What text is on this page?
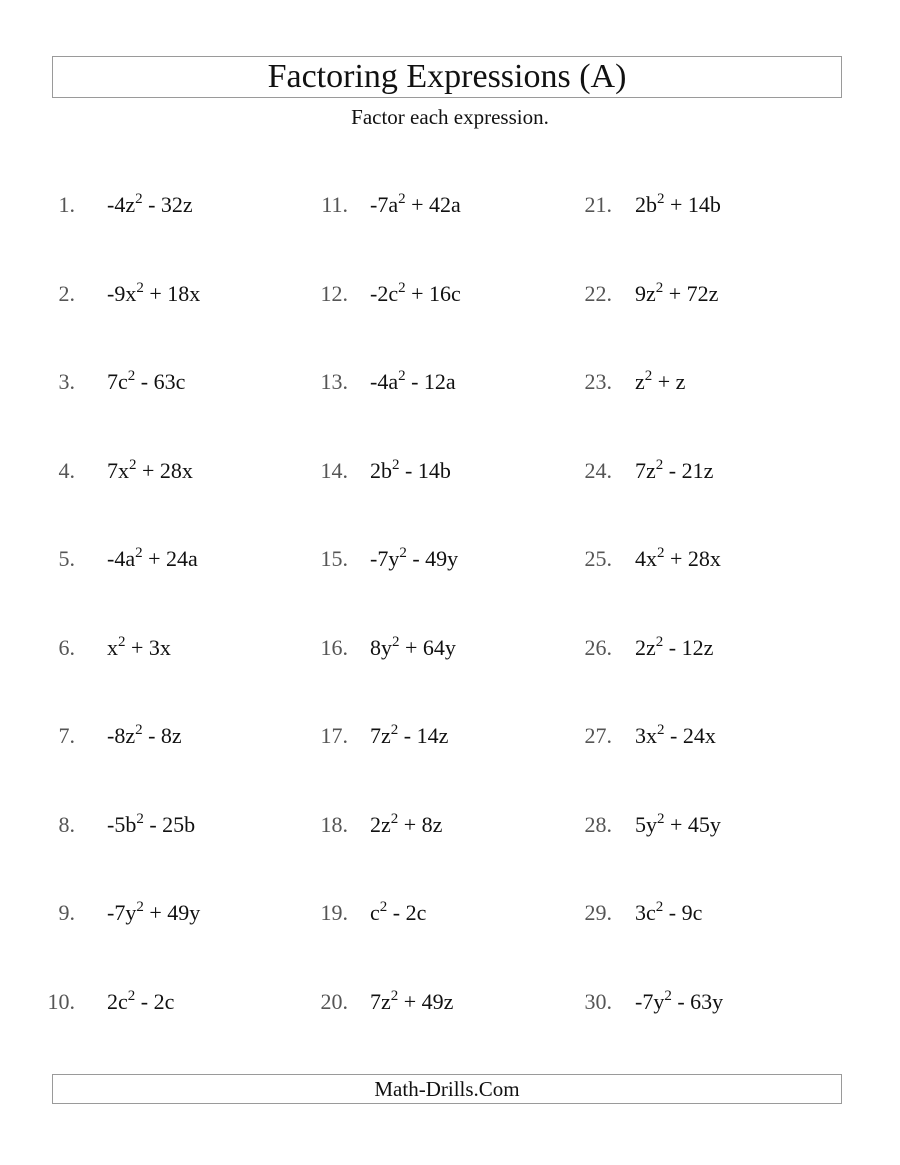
Factoring Expressions (A)
Factor each expression.
1. $-4z^2 - 32z$
2. $-9x^2 + 18x$
3. $7c^2 - 63c$
4. $7x^2 + 28x$
5. $-4a^2 + 24a$
6. $x^2 + 3x$
7. $-8z^2 - 8z$
8. $-5b^2 - 25b$
9. $-7y^2 + 49y$
10. $2c^2 - 2c$
11. $-7a^2 + 42a$
12. $-2c^2 + 16c$
13. $-4a^2 - 12a$
14. $2b^2 - 14b$
15. $-7y^2 - 49y$
16. $8y^2 + 64y$
17. $7z^2 - 14z$
18. $2z^2 + 8z$
19. $c^2 - 2c$
20. $7z^2 + 49z$
21. $2b^2 + 14b$
22. $9z^2 + 72z$
23. $z^2 + z$
24. $7z^2 - 21z$
25. $4x^2 + 28x$
26. $2z^2 - 12z$
27. $3x^2 - 24x$
28. $5y^2 + 45y$
29. $3c^2 - 9c$
30. $-7y^2 - 63y$
Math-Drills.Com
